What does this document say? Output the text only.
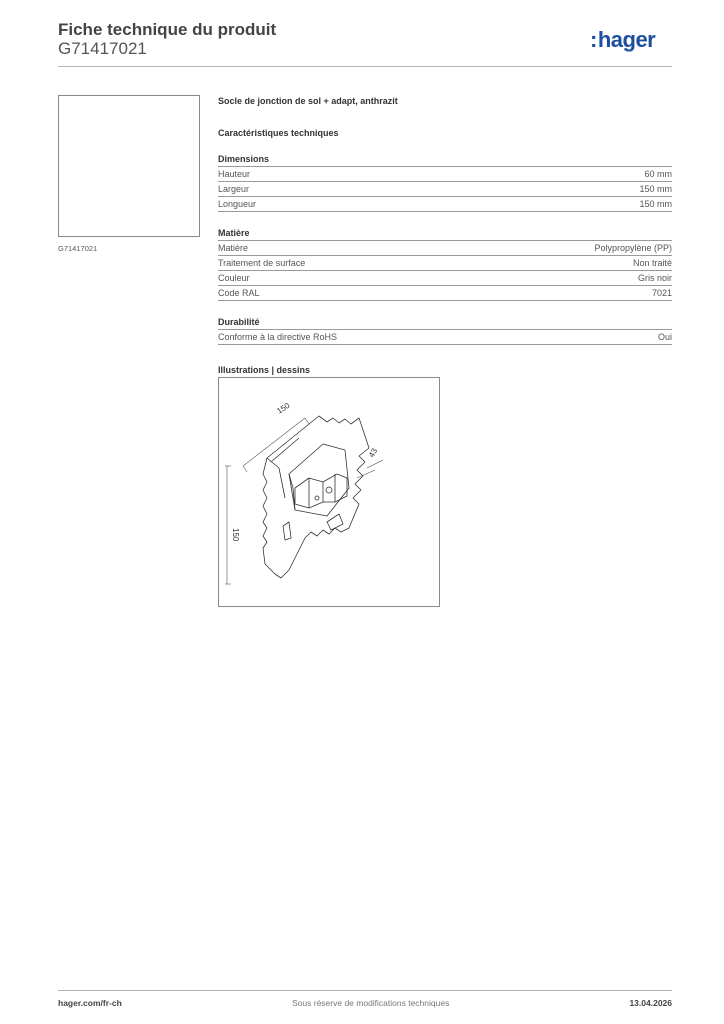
Fiche technique du produit
G71417021	:hager
G71417021
Socle de jonction de sol + adapt, anthrazit
Caractéristiques techniques
Dimensions
Hauteur	60 mm
Largeur	150 mm
Longueur	150 mm
Matière
Matière	Polypropylène (PP)
Traitement de surface	Non traité
Couleur	Gris noir
Code RAL	7021
Durabilité
Conforme à la directive RoHS	Oui
Illustrations | dessins
150
150
43
hager.com/fr-ch	Sous réserve de modifications techniques	13.04.2026
